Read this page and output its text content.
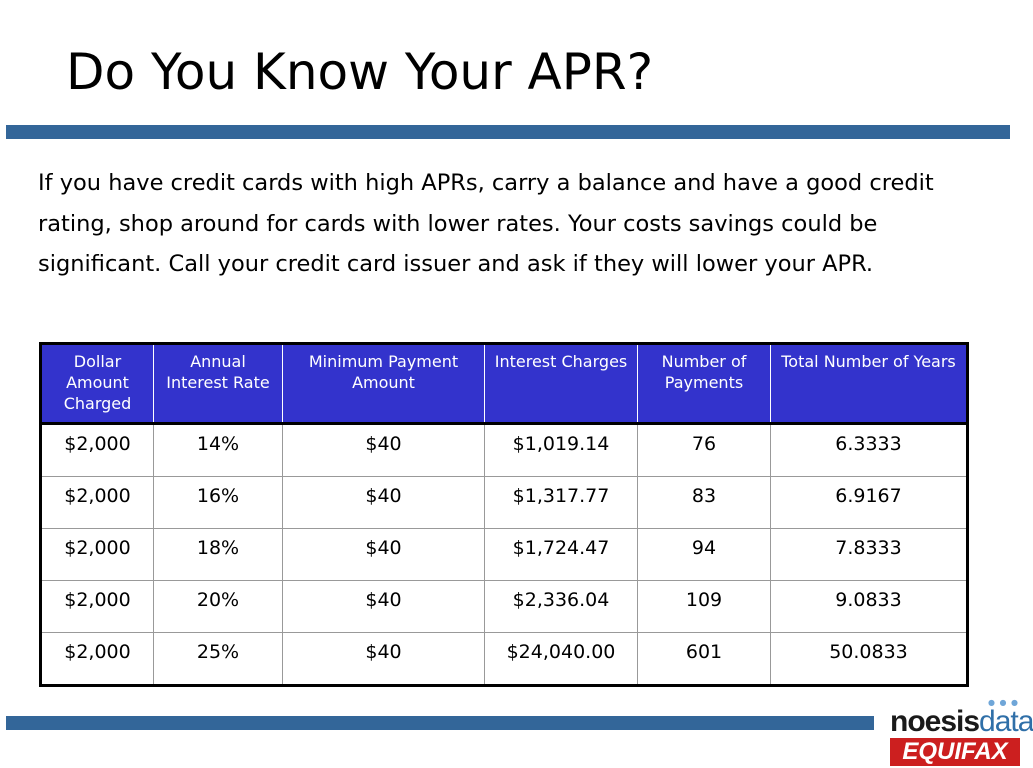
Do You Know Your APR?

If you have credit cards with high APRs, carry a balance and have a good credit rating, shop around for cards with lower rates. Your costs savings could be significant. Call your credit card issuer and ask if they will lower your APR.

Dollar Amount Charged	Annual Interest Rate	Minimum Payment Amount	Interest Charges	Number of Payments	Total Number of Years
$2,000	14%	$40	$1,019.14	76	6.3333
$2,000	16%	$40	$1,317.77	83	6.9167
$2,000	18%	$40	$1,724.47	94	7.8333
$2,000	20%	$40	$2,336.04	109	9.0833
$2,000	25%	$40	$24,040.00	601	50.0833
● ● ●
noesisdata
EQUIFAX
